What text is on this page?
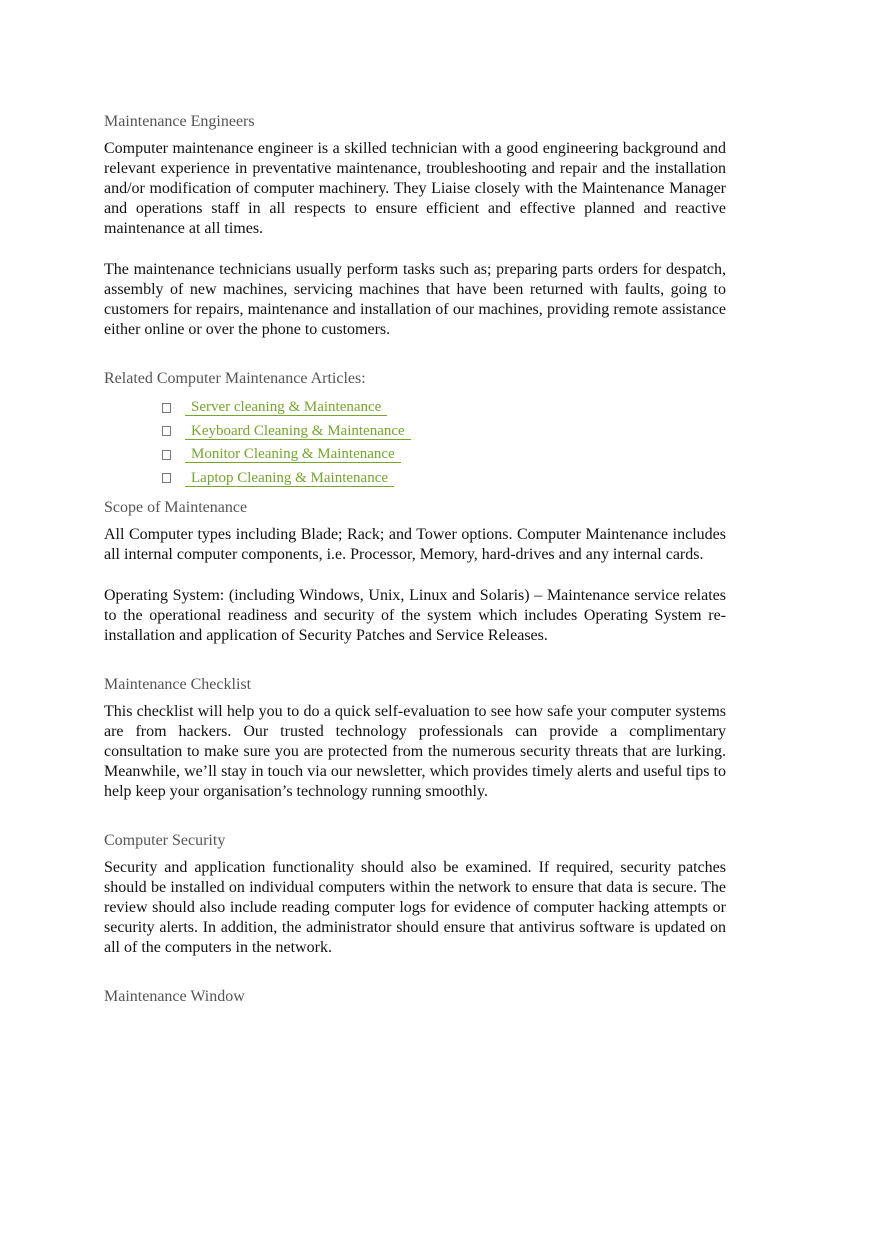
Maintenance Engineers

Computer maintenance engineer is a skilled technician with a good engineering background and relevant experience in preventative maintenance, troubleshooting and repair and the installation and/or modification of computer machinery. They Liaise closely with the Maintenance Manager and operations staff in all respects to ensure efficient and effective planned and reactive maintenance at all times.

The maintenance technicians usually perform tasks such as; preparing parts orders for despatch, assembly of new machines, servicing machines that have been returned with faults, going to customers for repairs, maintenance and installation of our machines, providing remote assistance either online or over the phone to customers.

Related Computer Maintenance Articles:
Server cleaning & Maintenance
Keyboard Cleaning & Maintenance
Monitor Cleaning & Maintenance
Laptop Cleaning & Maintenance
Scope of Maintenance

All Computer types including Blade; Rack; and Tower options. Computer Maintenance includes all internal computer components, i.e. Processor, Memory, hard-drives and any internal cards.

Operating System: (including Windows, Unix, Linux and Solaris) – Maintenance service relates to the operational readiness and security of the system which includes Operating System re-installation and application of Security Patches and Service Releases.

Maintenance Checklist

This checklist will help you to do a quick self-evaluation to see how safe your computer systems are from hackers. Our trusted technology professionals can provide a complimentary consultation to make sure you are protected from the numerous security threats that are lurking. Meanwhile, we’ll stay in touch via our newsletter, which provides timely alerts and useful tips to help keep your organisation’s technology running smoothly.

Computer Security

Security and application functionality should also be examined. If required, security patches should be installed on individual computers within the network to ensure that data is secure. The review should also include reading computer logs for evidence of computer hacking attempts or security alerts. In addition, the administrator should ensure that antivirus software is updated on all of the computers in the network.

Maintenance Window
